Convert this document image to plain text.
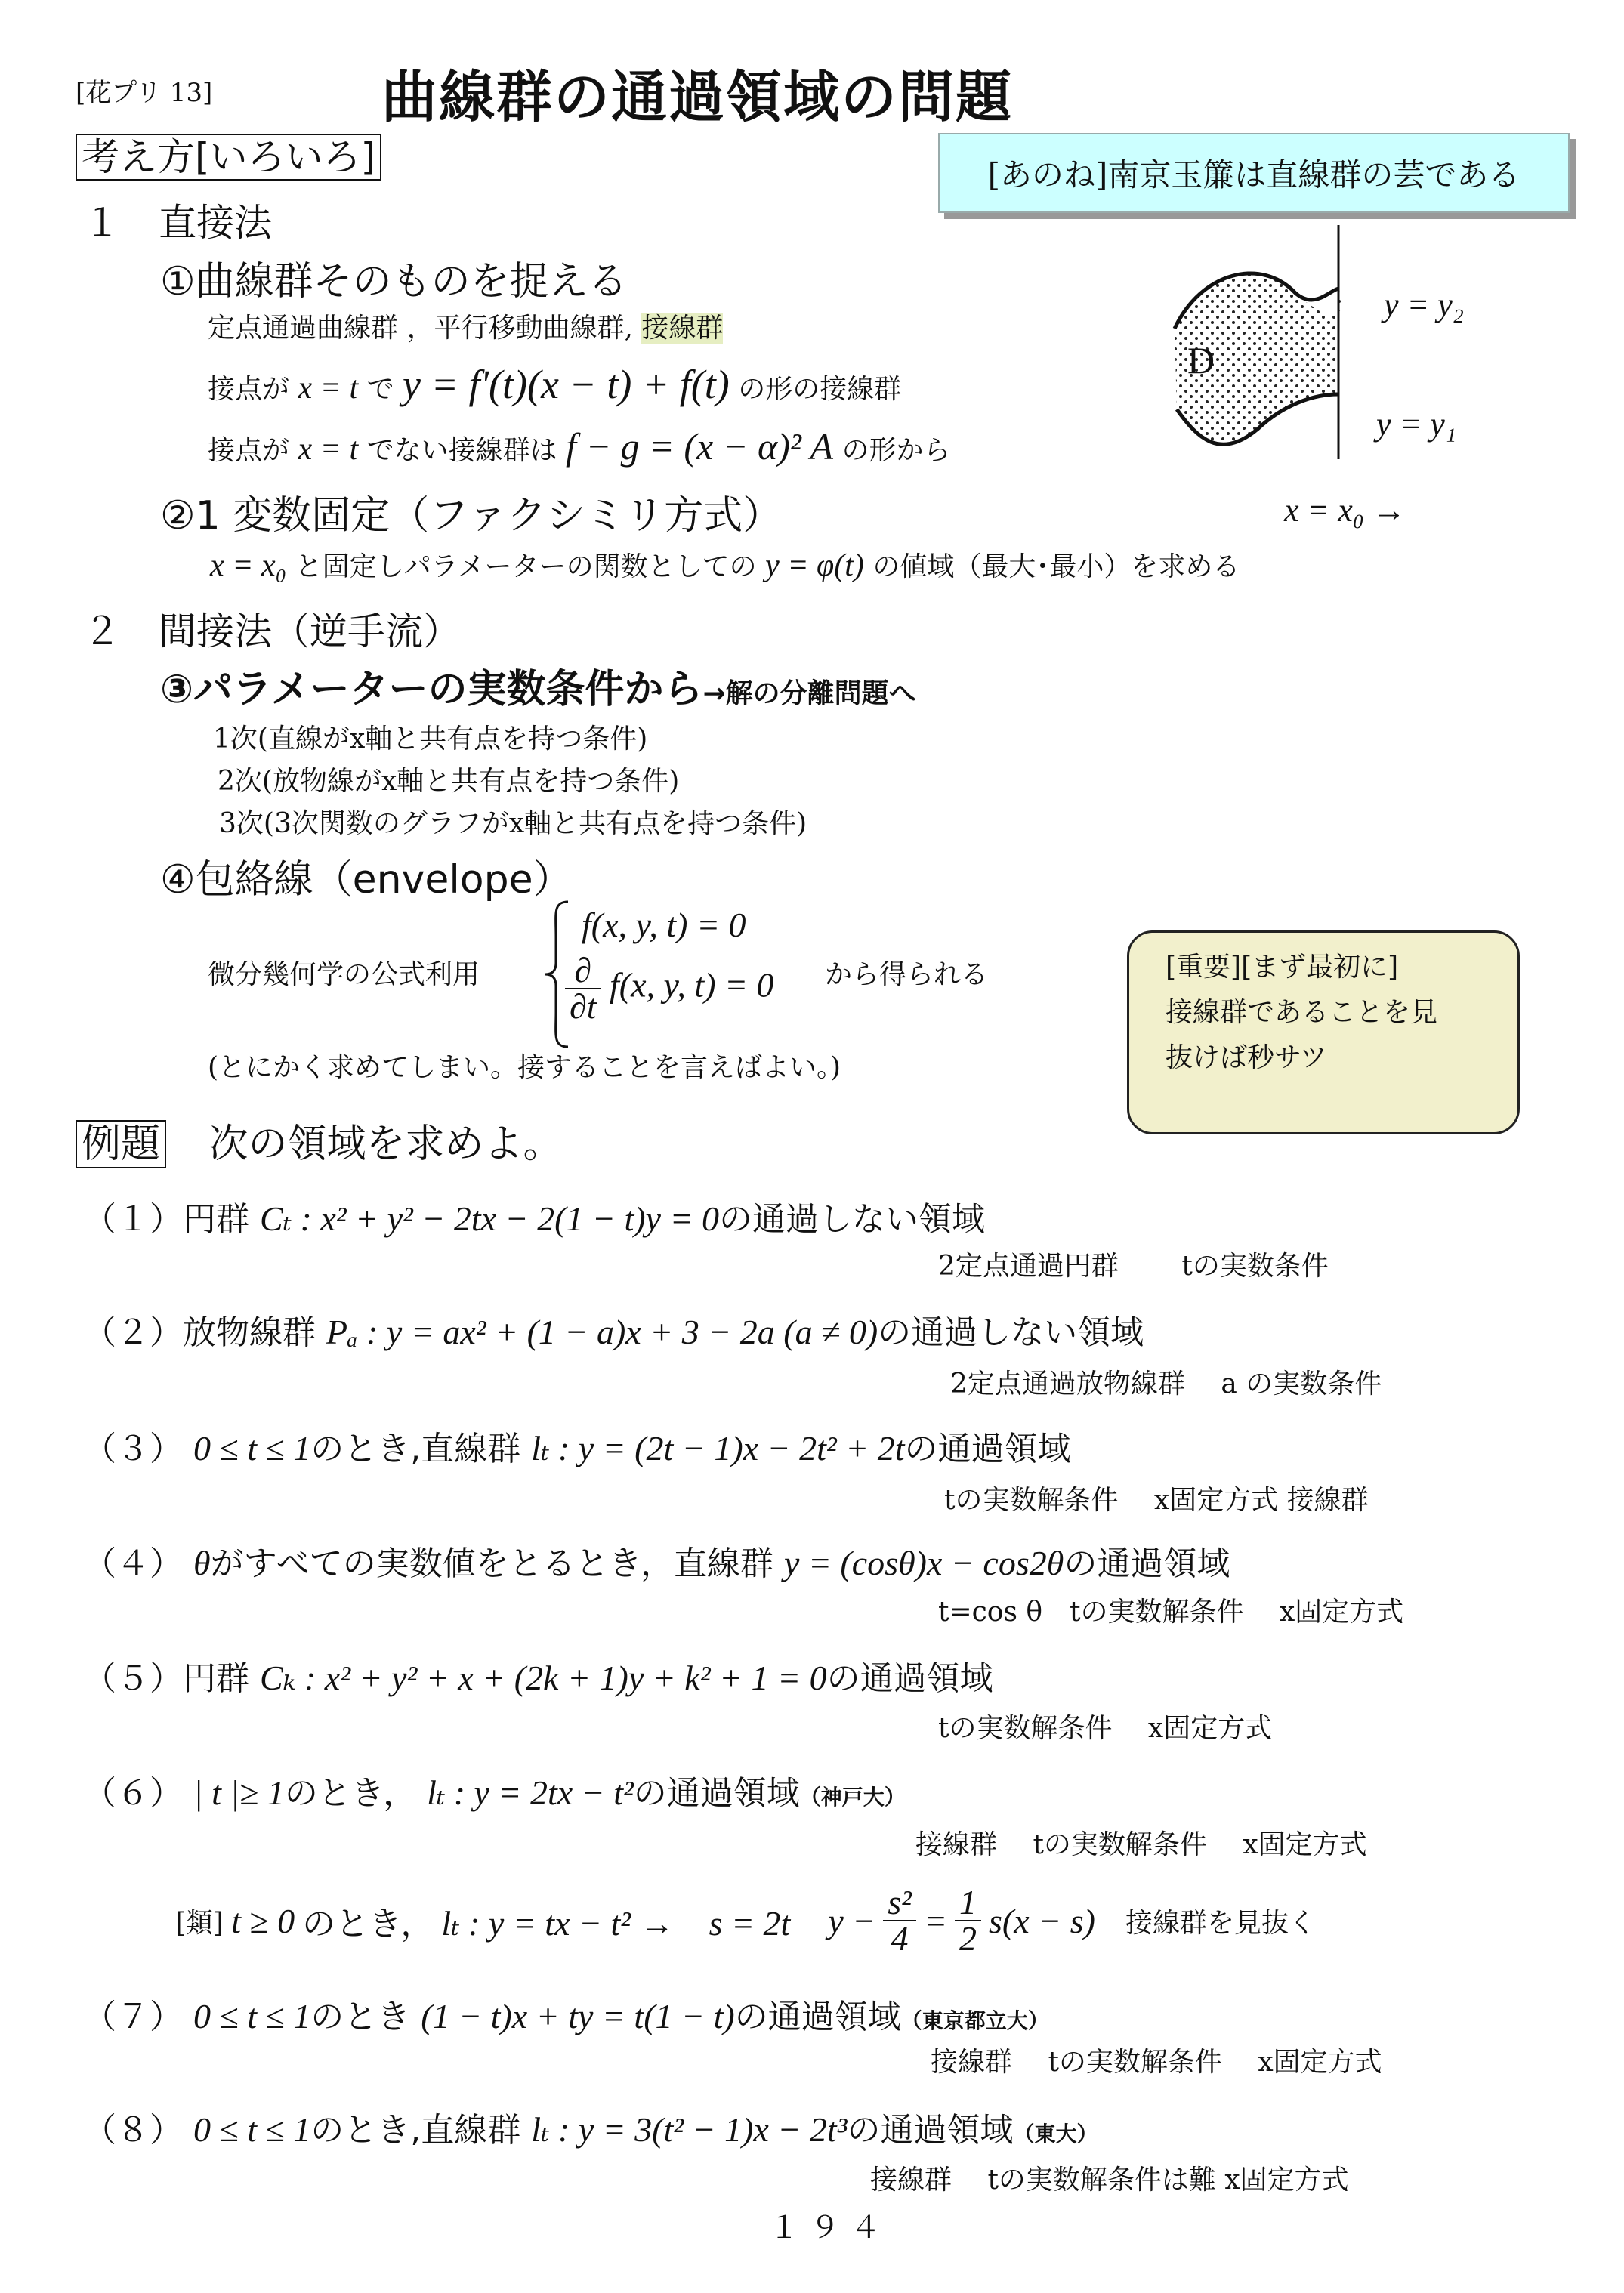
[花プリ 13]	曲線群の通過領域の問題
考え方[いろいろ]	[あのね]南京玉簾は直線群の芸である
１　直接法
①曲線群そのものを捉える
定点通過曲線群 ，平行移動曲線群, 接線群
接点が x = t で y = f'(t)(x − t) + f(t) の形の接線群
接点が x = t でない接線群は f − g = (x − α)² A の形から
②1 変数固定（ファクシミリ方式）
x = x₀ と固定しパラメーターの関数としての y = φ(t) の値域（最大･最小）を求める
D
y = y₂
y = y₁
x = x₀ →
２　間接法（逆手流）
③パラメーターの実数条件から→解の分離問題へ
1次(直線がx軸と共有点を持つ条件)
2次(放物線がx軸と共有点を持つ条件)
3次(3次関数のグラフがx軸と共有点を持つ条件)
④包絡線（envelope）
微分幾何学の公式利用
f(x, y, t) = 0
$\frac{\partial}{\partial t} f(x$, y, t) = 0 から得られる
(とにかく求めてしまい。接することを言えばよい。)
[重要][まず最初に]
接線群であることを見
抜けば秒サツ
例題 次の領域を求めよ。
（１）円群 Cₜ : x² + y² − 2tx − 2(1 − t)y = 0の通過しない領域
2定点通過円群　　 tの実数条件
（２）放物線群 Pₐ : y = ax² + (1 − a)x + 3 − 2a (a ≠ 0)の通過しない領域
2定点通過放物線群　 a の実数条件
（３） 0 ≤ t ≤ 1のとき,直線群 lₜ : y = (2t − 1)x − 2t² + 2tの通過領域
tの実数解条件　 x固定方式 接線群
（４） θがすべての実数値をとるとき，直線群 y = (cosθ)x − cos2θの通過領域
t=cos θ　tの実数解条件　 x固定方式
（５）円群 Cₖ : x² + y² + x + (2k + 1)y + k² + 1 = 0の通過領域
tの実数解条件　 x固定方式
（６） | t |≥ 1のとき， lₜ : y = 2tx − t²の通過領域（神戸大）
接線群　 tの実数解条件　 x固定方式
[類] t ≥ 0 のとき， lₜ : y = tx − t² →　s = 2t $y - \frac{\text{s²}}{4} = \frac{1}{2} s(x - s)$ 接線群を見抜く
（７） 0 ≤ t ≤ 1のとき (1 − t)x + ty = t(1 − t)の通過領域（東京都立大）
接線群　 tの実数解条件　 x固定方式
（８） 0 ≤ t ≤ 1のとき,直線群 lₜ : y = 3(t² − 1)x − 2t³の通過領域（東大）
接線群　 tの実数解条件は難 x固定方式
１９４
